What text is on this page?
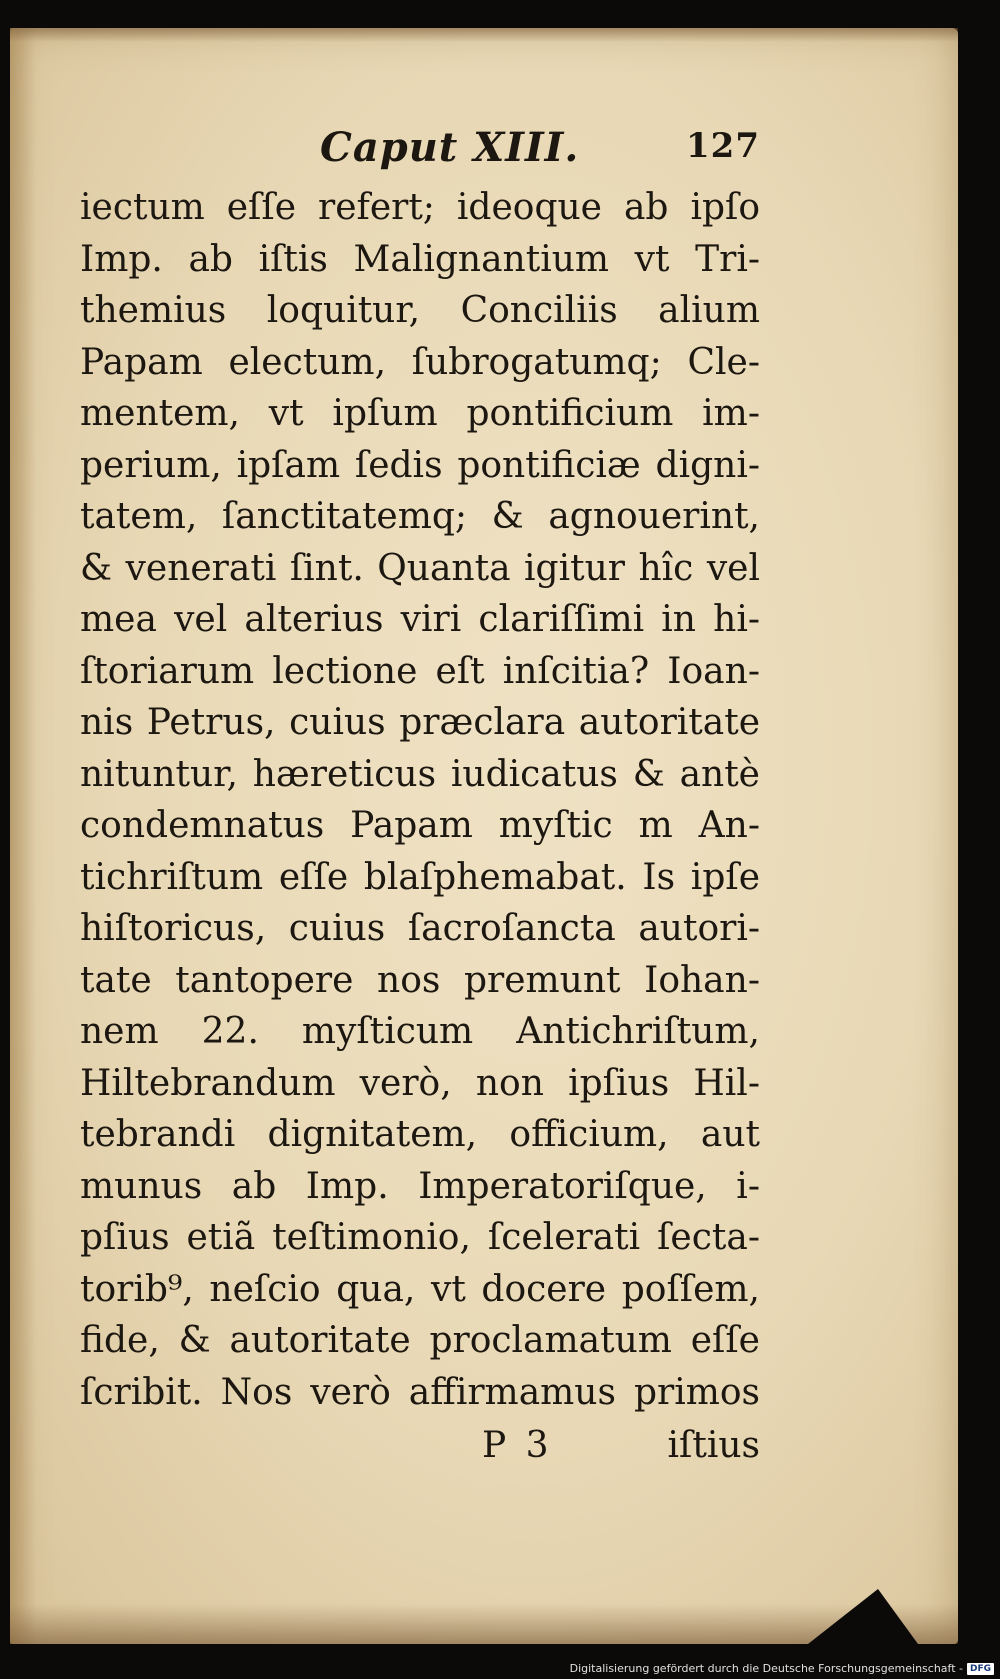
Caput XIII.	127
iectum eſſe refert; ideoque ab ipſo
Imp. ab iſtis Malignantium vt Tri-
themius loquitur, Conciliis alium
Papam electum, ſubrogatumq; Cle-
mentem, vt ipſum pontificium im-
perium, ipſam ſedis pontificiæ digni-
tatem, ſanctitatemq; & agnouerint,
& venerati ſint. Quanta igitur hîc vel
mea vel alterius viri clariſſimi in hi-
ſtoriarum lectione eſt inſcitia? Ioan-
nis Petrus, cuius præclara autoritate
nituntur, hæreticus iudicatus & antè
condemnatus Papam myſtic m An-
tichriſtum eſſe blaſphemabat. Is ipſe
hiſtoricus, cuius ſacroſancta autori-
tate tantopere nos premunt Iohan-
nem 22. myſticum Antichriſtum,
Hiltebrandum verò, non ipſius Hil-
tebrandi dignitatem, officium, aut
munus ab Imp. Imperatoriſque, i-
pſius etiã teſtimonio, ſcelerati ſecta-
torib⁹, neſcio qua, vt docere poſſem,
fide, & autoritate proclamatum eſſe
ſcribit. Nos verò affirmamus primos
P 3	iſtius
Digitalisierung gefördert durch die Deutsche Forschungsgemeinschaft - DFG
